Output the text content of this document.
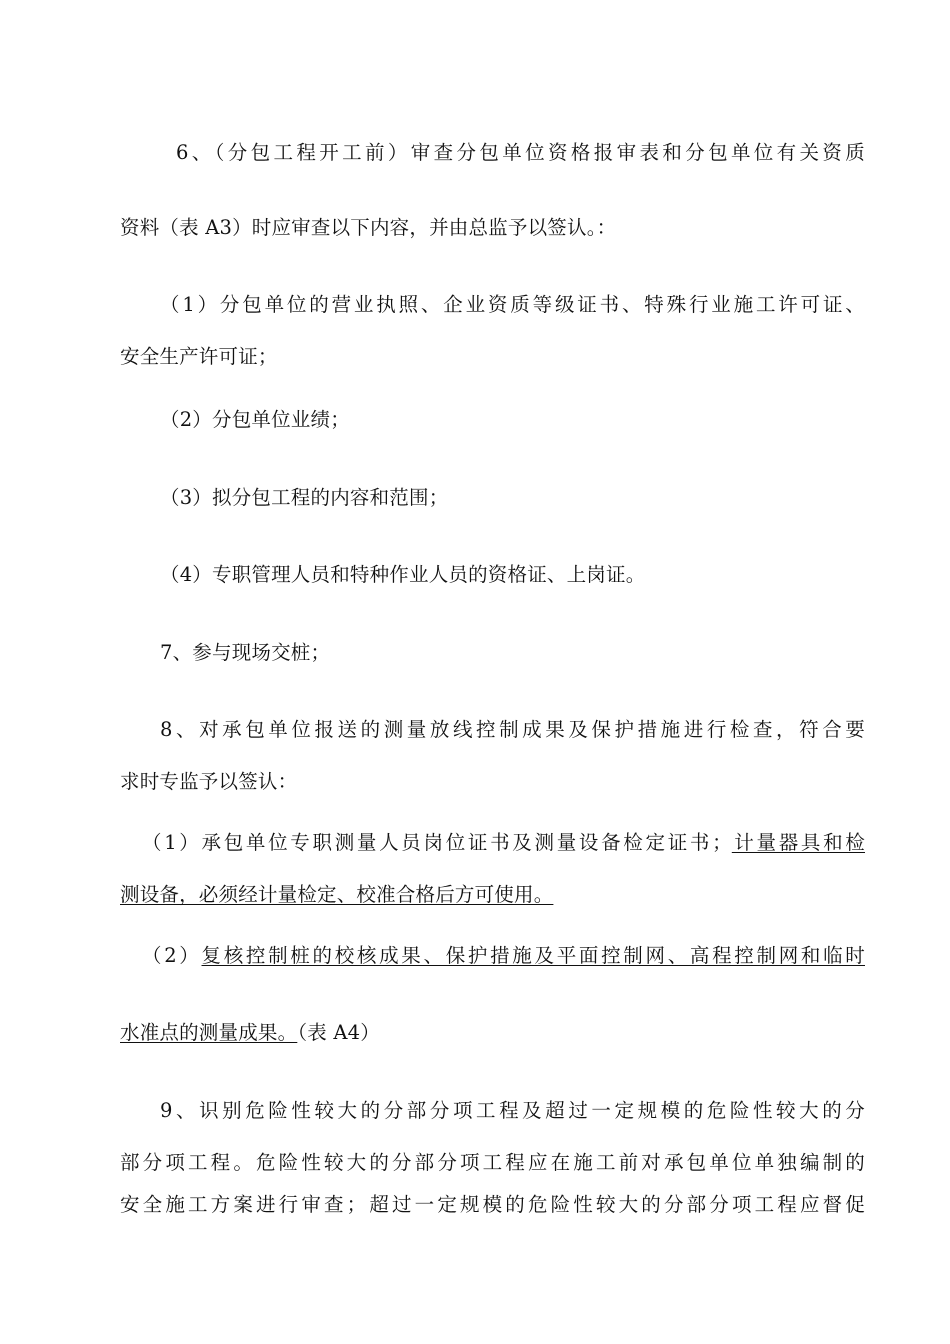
6、（分包工程开工前）审查分包单位资格报审表和分包单位有关资质
资料（表 A3）时应审查以下内容，并由总监予以签认。：
（1）分包单位的营业执照、企业资质等级证书、特殊行业施工许可证、
安全生产许可证；
（2）分包单位业绩；
（3）拟分包工程的内容和范围；
（4）专职管理人员和特种作业人员的资格证、上岗证。
7、参与现场交桩；
8、对承包单位报送的测量放线控制成果及保护措施进行检查，符合要
求时专监予以签认：
（1）承包单位专职测量人员岗位证书及测量设备检定证书；计量器具和检
测设备，必须经计量检定、校准合格后方可使用。
（2）复核控制桩的校核成果、保护措施及平面控制网、高程控制网和临时
水准点的测量成果。（表 A4）
9、识别危险性较大的分部分项工程及超过一定规模的危险性较大的分
部分项工程。危险性较大的分部分项工程应在施工前对承包单位单独编制的
安全施工方案进行审查；超过一定规模的危险性较大的分部分项工程应督促
